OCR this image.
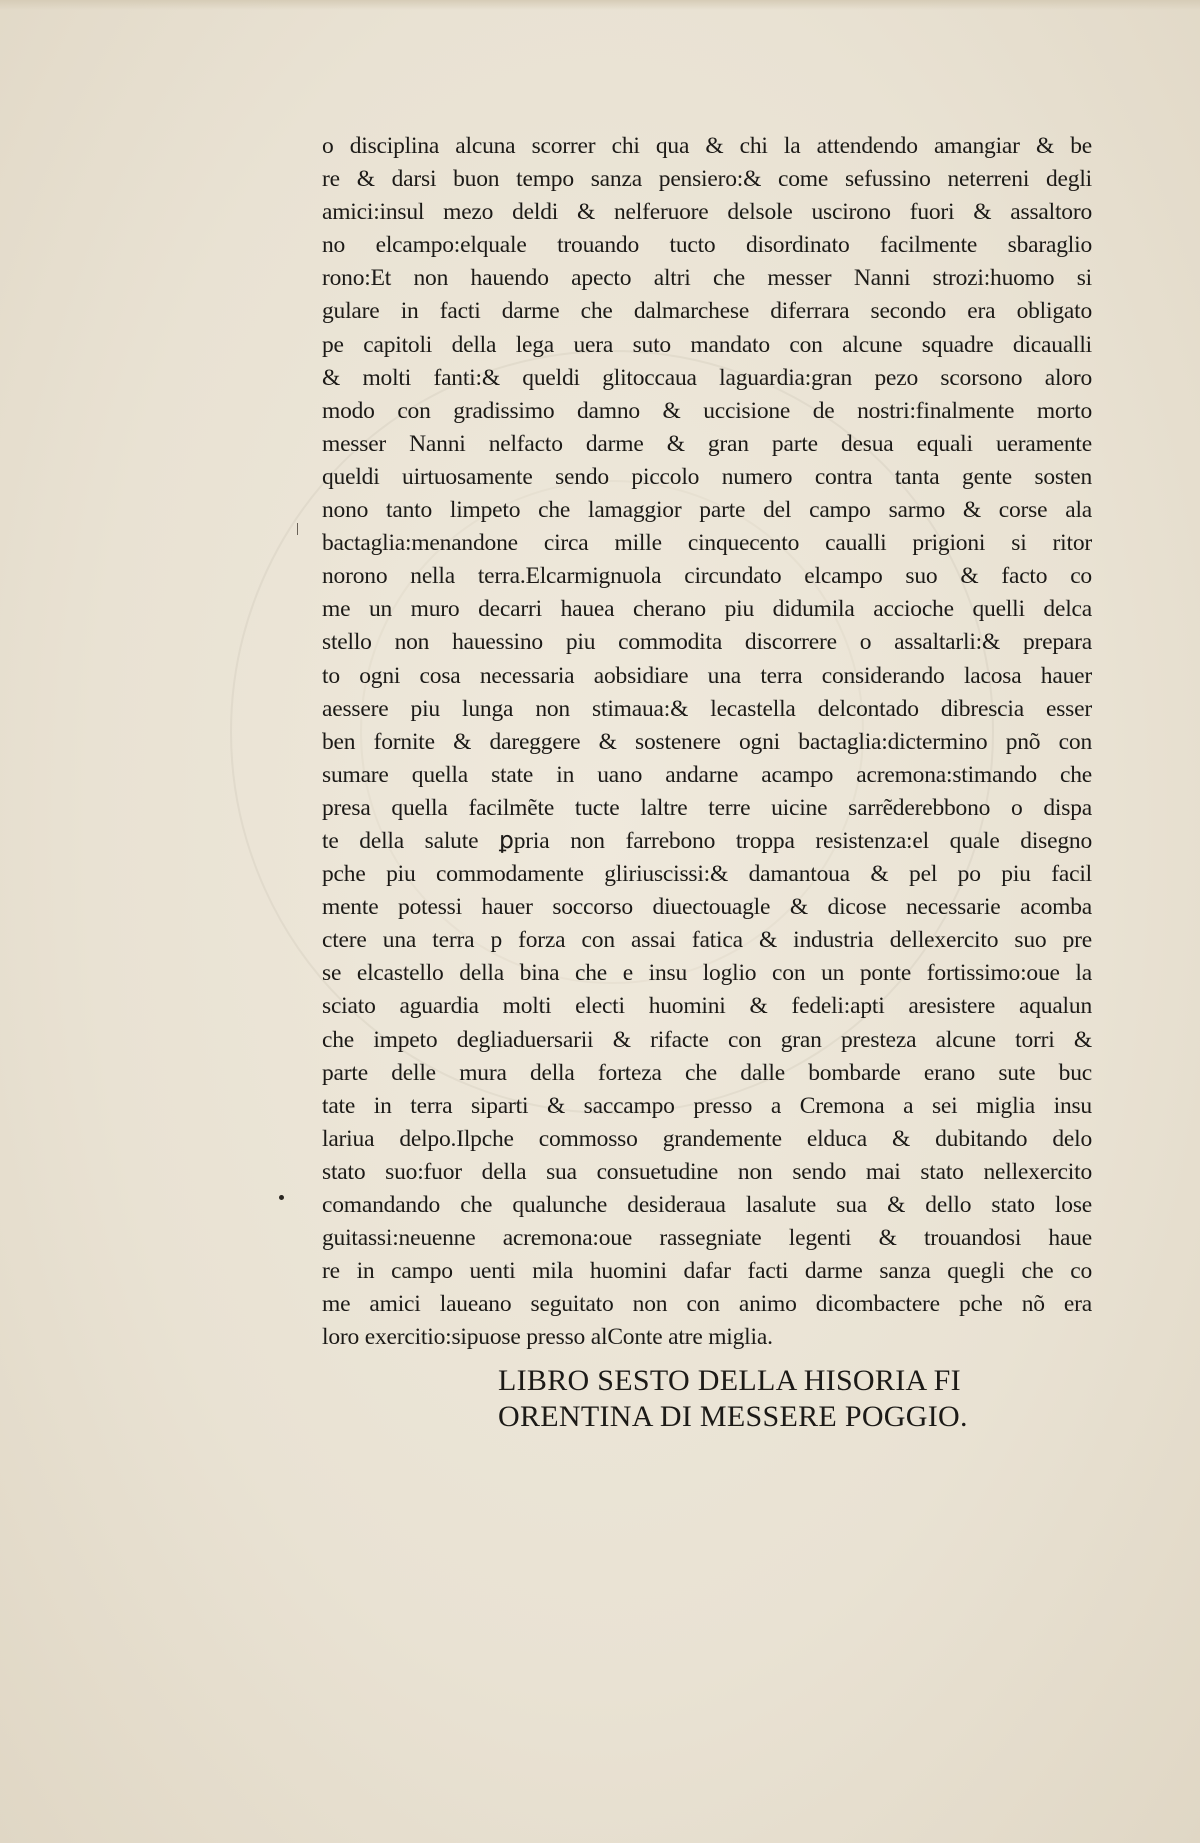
o disciplina alcuna scorrer chi qua & chi la attendendo amangiar & be
re & darsi buon tempo sanza pensiero:& come sefussino neterreni degli
amici:insul mezo deldi & nelferuore delsole uscirono fuori & assaltoro
no elcampo:elquale trouando tucto disordinato facilmente sbaraglio
rono:Et non hauendo apecto altri che messer Nanni strozi:huomo si
gulare in facti darme che dalmarchese diferrara secondo era obligato
pe capitoli della lega uera suto mandato con alcune squadre dicaualli
& molti fanti:& queldi glitoccaua laguardia:gran pezo scorsono aloro
modo con gradissimo damno & uccisione de nostri:finalmente morto
messer Nanni nelfacto darme & gran parte desua equali ueramente
queldi uirtuosamente sendo piccolo numero contra tanta gente sosten
nono tanto limpeto che lamaggior parte del campo sarmo & corse ala
bactaglia:menandone circa mille cinquecento caualli prigioni si ritor
norono nella terra.Elcarmignuola circundato elcampo suo & facto co
me un muro decarri hauea cherano piu didumila acciochе quelli delca
stello non hauessino piu commodita discorrere o assaltarli:& prepara
to ogni cosa necessaria aobsidiare una terra considerando lacosa hauer
aessere piu lunga non stimaua:& lecastella delcontado dibrescia esser
ben fornite & dareggere & sostenere ogni bactaglia:dictermino pnõ con
sumare quella state in uano andarne acampo acremona:stimando che
presa quella facilmẽte tucte laltre terre uicine sarrẽderebbono o dispa
te della salute ꝑpria non farrebono troppa resistenza:el quale disegno
pche piu commodamente gliriuscissi:& damantoua & pel po piu facil
mente potessi hauer soccorso diuectouagle & dicose necessarie acomba
ctere una terra p forza con assai fatica & industria dellexercito suo pre
se elcastello della bina che e insu loglio con un ponte fortissimo:oue la
sciato aguardia molti electi huomini & fedeli:apti aresistere aqualun
che impeto degliaduersarii & rifacte con gran presteza alcune torri &
parte delle mura della forteza che dalle bombarde erano sute buc
tate in terra siparti & saccampo presso a Cremona a sei miglia insu
lariua delpo.Ilpche commosso grandemente elduca & dubitando delo
stato suo:fuor della sua consuetudine non sendo mai stato nellexercito
comandando che qualunche desideraua lasalute sua & dello stato lose
guitassi:neuenne acremona:oue rassegniate legenti & trouandosi haue
re in campo uenti mila huomini dafar facti darme sanza quegli che co
me amici laueano seguitato non con animo dicombactere pche nõ era
loro exercitio:sipuose presso alConte atre miglia.
LIBRO SESTO DELLA HISORIA FI
ORENTINA DI MESSERE POGGIO.
